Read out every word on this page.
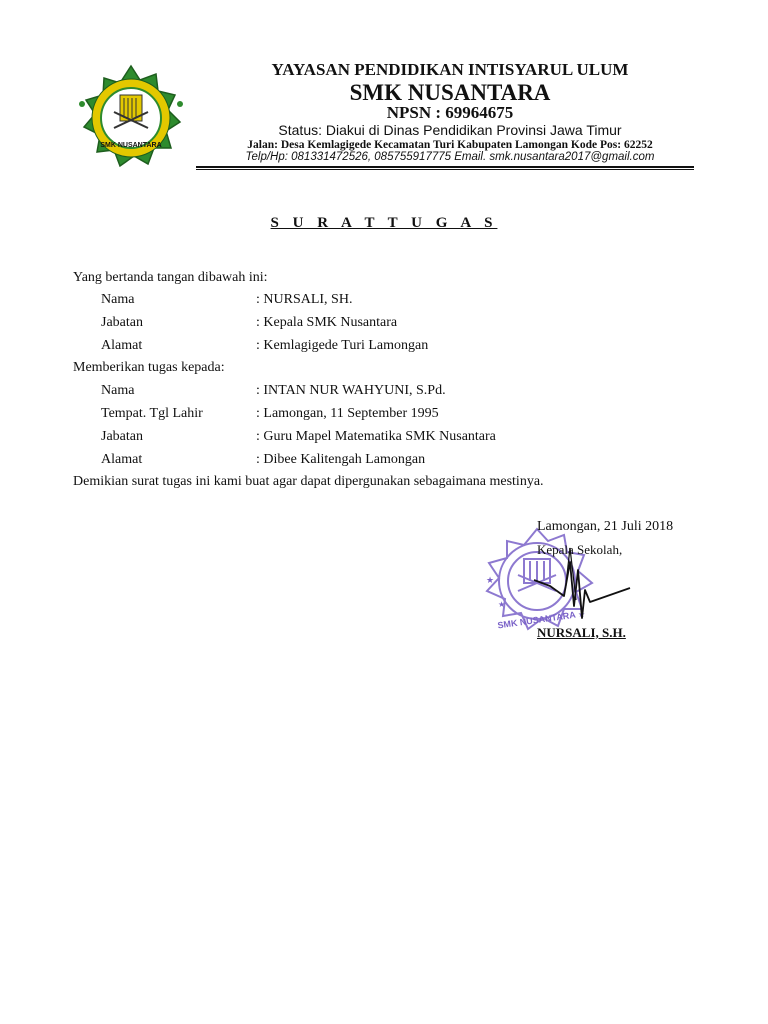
SMK NUSANTARA
YAYASAN PENDIDIKAN INTISYARUL ULUM
SMK NUSANTARA
NPSN : 69964675
Status: Diakui di Dinas Pendidikan Provinsi Jawa Timur
Jalan: Desa Kemlagigede Kecamatan Turi Kabupaten Lamongan Kode Pos: 62252
Telp/Hp: 081331472526, 085755917775 Email. smk.nusantara2017@gmail.com
S U R A T T U G A S
Yang bertanda tangan dibawah ini:
Nama	: NURSALI, SH.
Jabatan	: Kepala SMK Nusantara
Alamat	: Kemlagigede Turi Lamongan
Memberikan tugas kepada:
Nama	: INTAN NUR WAHYUNI, S.Pd.
Tempat. Tgl Lahir	: Lamongan, 11 September 1995
Jabatan	: Guru Mapel Matematika SMK Nusantara
Alamat	: Dibee Kalitengah Lamongan
Demikian surat tugas ini kami buat agar dapat dipergunakan sebagaimana mestinya.
★
★
★
SMK NUSANTARA
Lamongan, 21 Juli 2018
Kepala Sekolah,
NURSALI, S.H.
